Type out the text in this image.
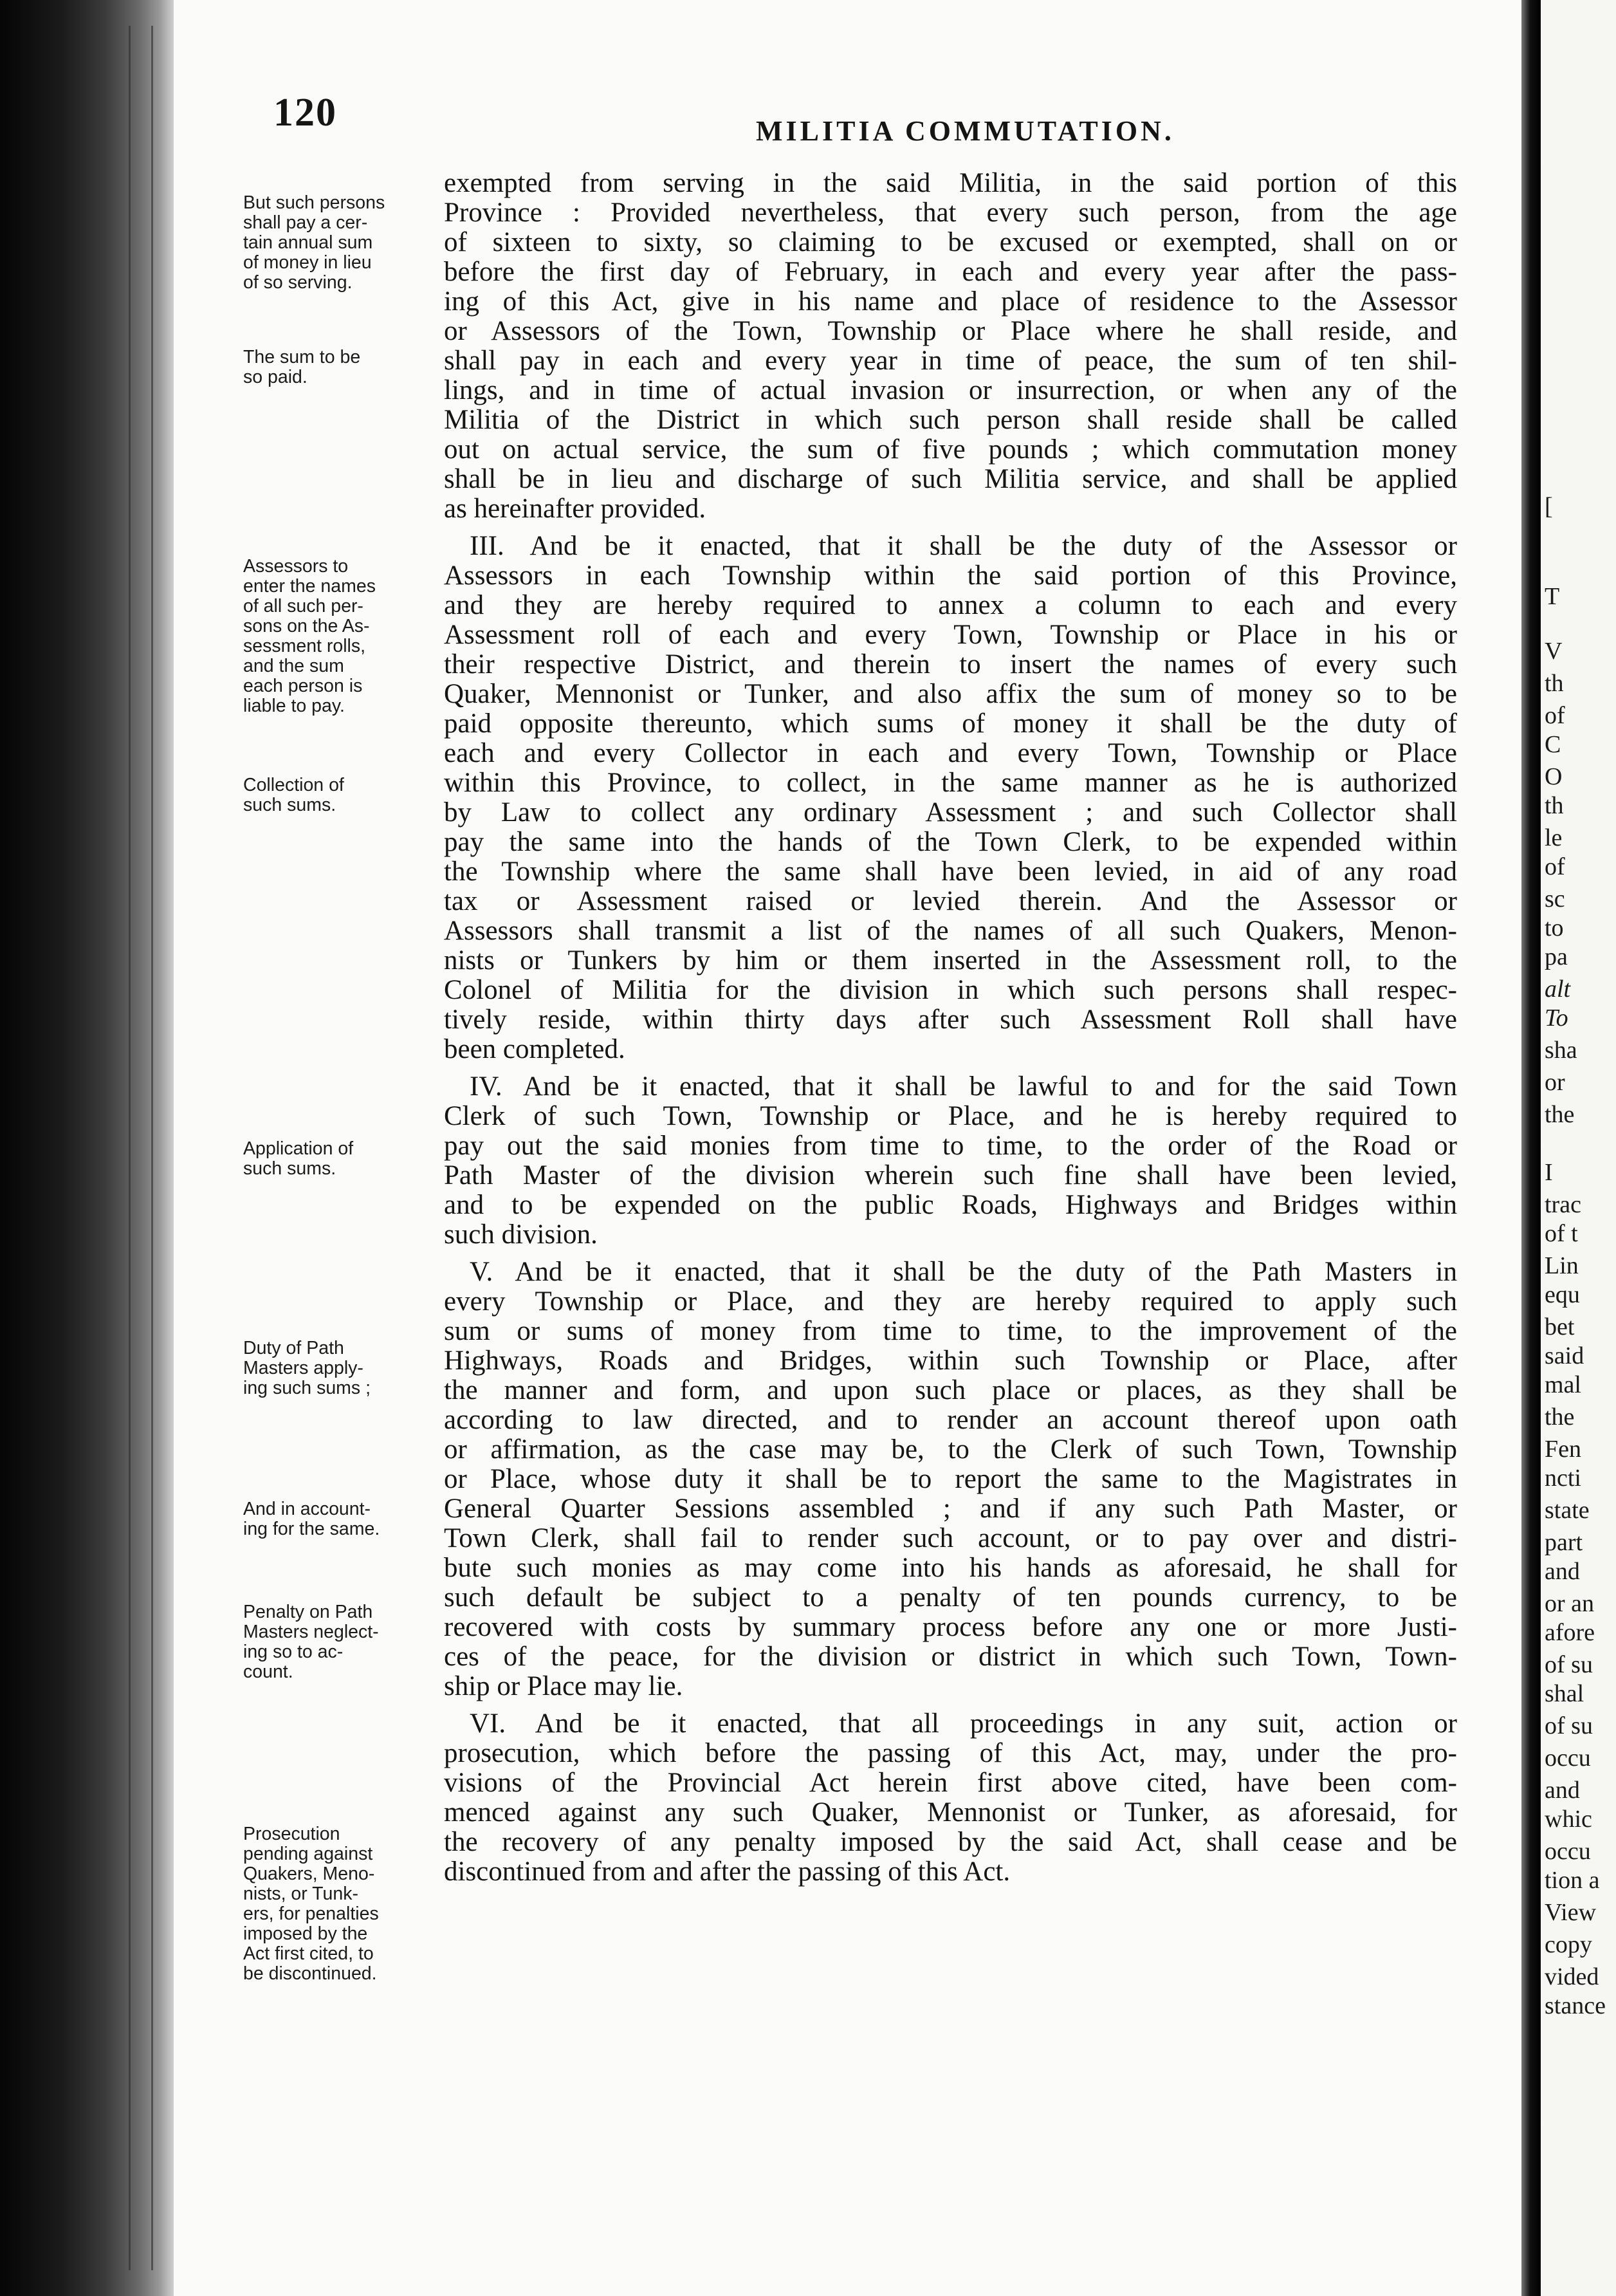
[
T
V
th
of
C
O
th
le
of
sc
to
pa
alt
To
sha
or
the
I
trac
of t
Lin
equ
bet
said
mal
the
Fen
ncti
state
part
and
or an
afore
of su
shal
of su
occu
and
whic
occu
tion a
View
copy
vided
stance
120	MILITIA COMMUTATION.
But such persons
shall pay a cer-
tain annual sum
of money in lieu
of so serving.
The sum to be
so paid.
Assessors to
enter the names
of all such per-
sons on the As-
sessment rolls,
and the sum
each person is
liable to pay.
Collection of
such sums.
Application of
such sums.
Duty of Path
Masters apply-
ing such sums ;
And in account-
ing for the same.
Penalty on Path
Masters neglect-
ing so to ac-
count.
Prosecution
pending against
Quakers, Meno-
nists, or Tunk-
ers, for penalties
imposed by the
Act first cited, to
be discontinued.
exempted from serving in the said Militia, in the said portion of this
Province : Provided nevertheless, that every such person, from the age
of sixteen to sixty, so claiming to be excused or exempted, shall on or
before the first day of February, in each and every year after the pass-
ing of this Act, give in his name and place of residence to the Assessor
or Assessors of the Town, Township or Place where he shall reside, and
shall pay in each and every year in time of peace, the sum of ten shil-
lings, and in time of actual invasion or insurrection, or when any of the
Militia of the District in which such person shall reside shall be called
out on actual service, the sum of five pounds ; which commutation money
shall be in lieu and discharge of such Militia service, and shall be applied
as hereinafter provided.
III. And be it enacted, that it shall be the duty of the Assessor or
Assessors in each Township within the said portion of this Province,
and they are hereby required to annex a column to each and every
Assessment roll of each and every Town, Township or Place in his or
their respective District, and therein to insert the names of every such
Quaker, Mennonist or Tunker, and also affix the sum of money so to be
paid opposite thereunto, which sums of money it shall be the duty of
each and every Collector in each and every Town, Township or Place
within this Province, to collect, in the same manner as he is authorized
by Law to collect any ordinary Assessment ; and such Collector shall
pay the same into the hands of the Town Clerk, to be expended within
the Township where the same shall have been levied, in aid of any road
tax or Assessment raised or levied therein. And the Assessor or
Assessors shall transmit a list of the names of all such Quakers, Menon-
nists or Tunkers by him or them inserted in the Assessment roll, to the
Colonel of Militia for the division in which such persons shall respec-
tively reside, within thirty days after such Assessment Roll shall have
been completed.
IV. And be it enacted, that it shall be lawful to and for the said Town
Clerk of such Town, Township or Place, and he is hereby required to
pay out the said monies from time to time, to the order of the Road or
Path Master of the division wherein such fine shall have been levied,
and to be expended on the public Roads, Highways and Bridges within
such division.
V. And be it enacted, that it shall be the duty of the Path Masters in
every Township or Place, and they are hereby required to apply such
sum or sums of money from time to time, to the improvement of the
Highways, Roads and Bridges, within such Township or Place, after
the manner and form, and upon such place or places, as they shall be
according to law directed, and to render an account thereof upon oath
or affirmation, as the case may be, to the Clerk of such Town, Township
or Place, whose duty it shall be to report the same to the Magistrates in
General Quarter Sessions assembled ; and if any such Path Master, or
Town Clerk, shall fail to render such account, or to pay over and distri-
bute such monies as may come into his hands as aforesaid, he shall for
such default be subject to a penalty of ten pounds currency, to be
recovered with costs by summary process before any one or more Justi-
ces of the peace, for the division or district in which such Town, Town-
ship or Place may lie.
VI. And be it enacted, that all proceedings in any suit, action or
prosecution, which before the passing of this Act, may, under the pro-
visions of the Provincial Act herein first above cited, have been com-
menced against any such Quaker, Mennonist or Tunker, as aforesaid, for
the recovery of any penalty imposed by the said Act, shall cease and be
discontinued from and after the passing of this Act.
